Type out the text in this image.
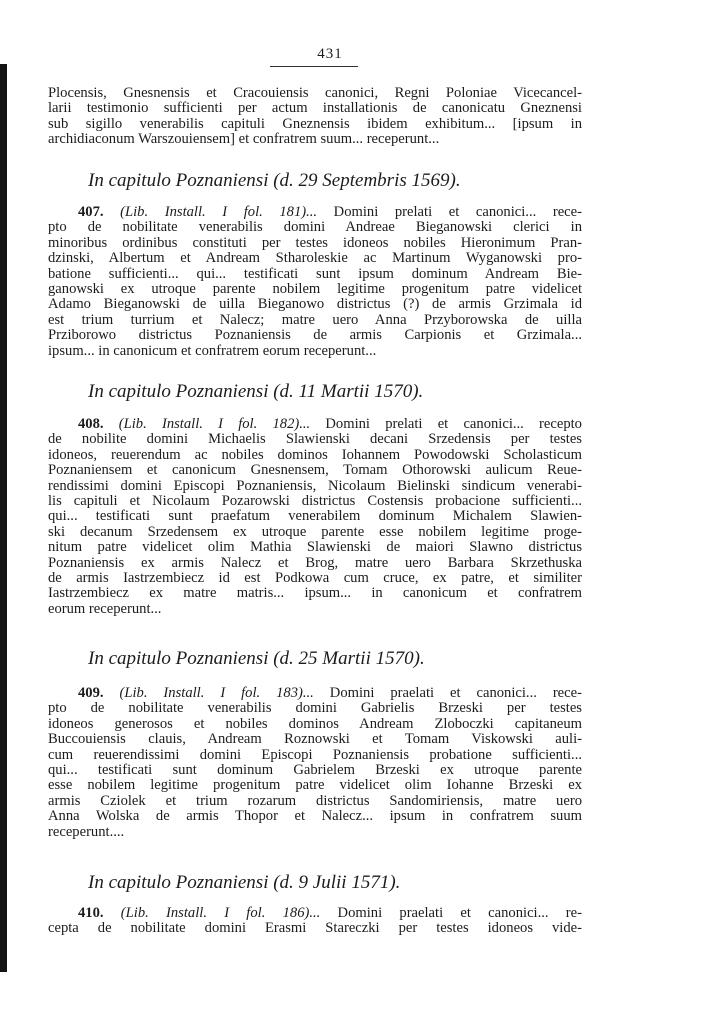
431
Plocensis, Gnesnensis et Cracouiensis canonici, Regni Poloniae Vicecancel-
larii testimonio sufficienti per actum installationis de canonicatu Gneznensi
sub sigillo venerabilis capituli Gneznensis ibidem exhibitum... [ipsum in
archidiaconum Warszouiensem] et confratrem suum... receperunt...
In capitulo Poznaniensi (d. 29 Septembris 1569).
407. (Lib. Install. I fol. 181)... Domini prelati et canonici... rece-
pto de nobilitate venerabilis domini Andreae Bieganowski clerici in
minoribus ordinibus constituti per testes idoneos nobiles Hieronimum Pran-
dzinski, Albertum et Andream Stharoleskie ac Martinum Wyganowski pro-
batione sufficienti... qui... testificati sunt ipsum dominum Andream Bie-
ganowski ex utroque parente nobilem legitime progenitum patre videlicet
Adamo Bieganowski de uilla Bieganowo districtus (?) de armis Grzimala id
est trium turrium et Nalecz; matre uero Anna Przyborowska de uilla
Prziborowo districtus Poznaniensis de armis Carpionis et Grzimala...
ipsum... in canonicum et confratrem eorum receperunt...
In capitulo Poznaniensi (d. 11 Martii 1570).
408. (Lib. Install. I fol. 182)... Domini prelati et canonici... recepto
de nobilite domini Michaelis Slawienski decani Srzedensis per testes
idoneos, reuerendum ac nobiles dominos Iohannem Powodowski Scholasticum
Poznaniensem et canonicum Gnesnensem, Tomam Othorowski aulicum Reue-
rendissimi domini Episcopi Poznaniensis, Nicolaum Bielinski sindicum venerabi-
lis capituli et Nicolaum Pozarowski districtus Costensis probacione sufficienti...
qui... testificati sunt praefatum venerabilem dominum Michalem Slawien-
ski decanum Srzedensem ex utroque parente esse nobilem legitime proge-
nitum patre videlicet olim Mathia Slawienski de maiori Slawno districtus
Poznaniensis ex armis Nalecz et Brog, matre uero Barbara Skrzethuska
de armis Iastrzembiecz id est Podkowa cum cruce, ex patre, et similiter
Iastrzembiecz ex matre matris... ipsum... in canonicum et confratrem
eorum receperunt...
In capitulo Poznaniensi (d. 25 Martii 1570).
409. (Lib. Install. I fol. 183)... Domini praelati et canonici... rece-
pto de nobilitate venerabilis domini Gabrielis Brzeski per testes
idoneos generosos et nobiles dominos Andream Zloboczki capitaneum
Buccouiensis clauis, Andream Roznowski et Tomam Viskowski auli-
cum reuerendissimi domini Episcopi Poznaniensis probatione sufficienti...
qui... testificati sunt dominum Gabrielem Brzeski ex utroque parente
esse nobilem legitime progenitum patre videlicet olim Iohanne Brzeski ex
armis Cziolek et trium rozarum districtus Sandomiriensis, matre uero
Anna Wolska de armis Thopor et Nalecz... ipsum in confratrem suum
receperunt....
In capitulo Poznaniensi (d. 9 Julii 1571).
410. (Lib. Install. I fol. 186)... Domini praelati et canonici... re-
cepta de nobilitate domini Erasmi Stareczki per testes idoneos vide-
